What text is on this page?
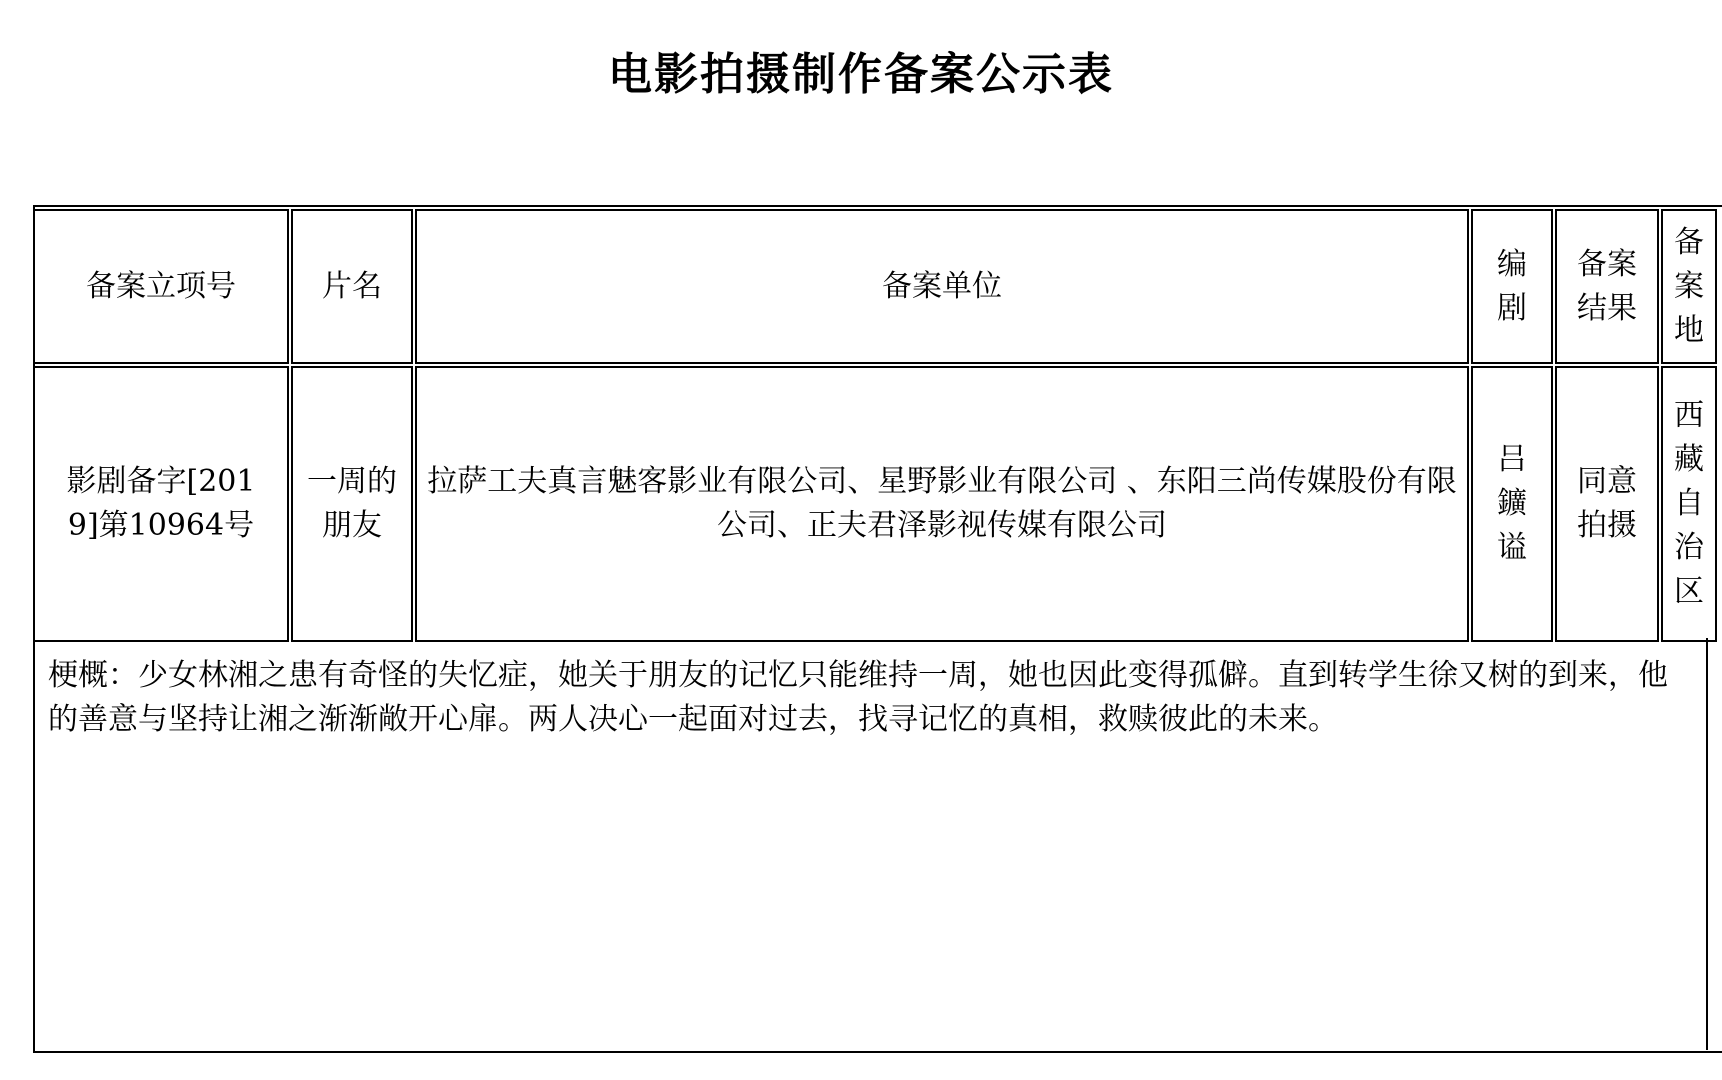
电影拍摄制作备案公示表
备案立项号	片名	备案单位
编剧
备案结果
备案地
影剧备字[2019]第10964号
一周的朋友
拉萨工夫真言魅客影业有限公司、星野影业有限公司 、东阳三尚传媒股份有限公司、正夫君泽影视传媒有限公司
吕鑛谥
同意拍摄
西藏自治区
梗概：少女林湘之患有奇怪的失忆症，她关于朋友的记忆只能维持一周，她也因此变得孤僻。直到转学生徐又树的到来，他的善意与坚持让湘之渐渐敞开心扉。两人决心一起面对过去，找寻记忆的真相，救赎彼此的未来。
